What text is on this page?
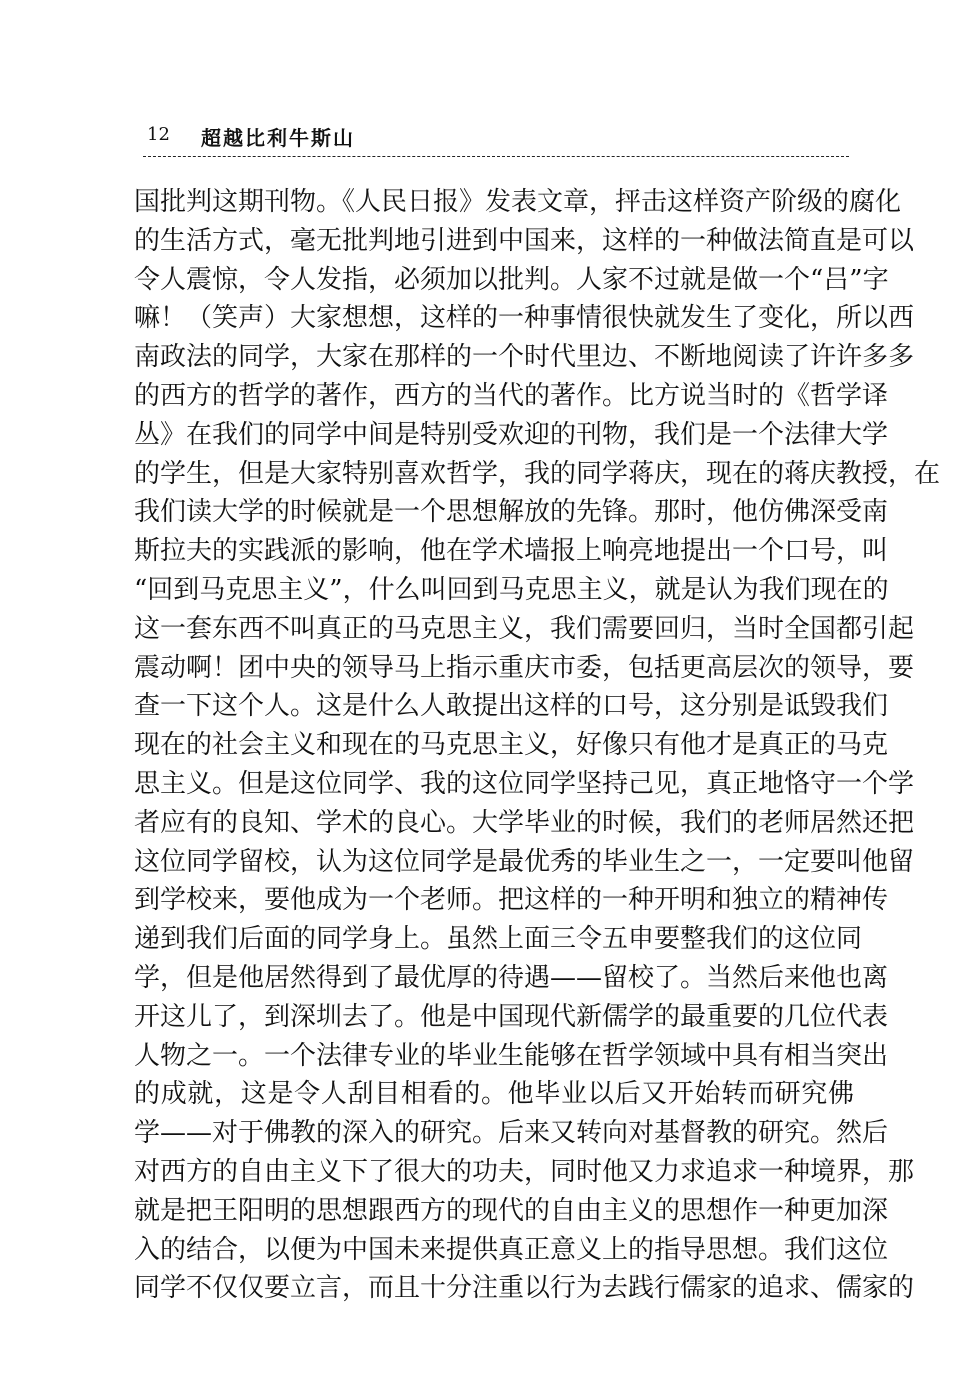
12 超越比利牛斯山
国批判这期刊物。《人民日报》发表文章，抨击这样资产阶级的腐化
的生活方式，毫无批判地引进到中国来，这样的一种做法简直是可以
令人震惊，令人发指，必须加以批判。人家不过就是做一个“吕”字
嘛！（笑声）大家想想，这样的一种事情很快就发生了变化，所以西
南政法的同学，大家在那样的一个时代里边、不断地阅读了许许多多
的西方的哲学的著作，西方的当代的著作。比方说当时的《哲学译
丛》在我们的同学中间是特别受欢迎的刊物，我们是一个法律大学
的学生，但是大家特别喜欢哲学，我的同学蒋庆，现在的蒋庆教授，在
我们读大学的时候就是一个思想解放的先锋。那时，他仿佛深受南
斯拉夫的实践派的影响，他在学术墙报上响亮地提出一个口号，叫
“回到马克思主义”，什么叫回到马克思主义，就是认为我们现在的
这一套东西不叫真正的马克思主义，我们需要回归，当时全国都引起
震动啊！团中央的领导马上指示重庆市委，包括更高层次的领导，要
查一下这个人。这是什么人敢提出这样的口号，这分别是诋毁我们
现在的社会主义和现在的马克思主义，好像只有他才是真正的马克
思主义。但是这位同学、我的这位同学坚持己见，真正地恪守一个学
者应有的良知、学术的良心。大学毕业的时候，我们的老师居然还把
这位同学留校，认为这位同学是最优秀的毕业生之一，一定要叫他留
到学校来，要他成为一个老师。把这样的一种开明和独立的精神传
递到我们后面的同学身上。虽然上面三令五申要整我们的这位同
学，但是他居然得到了最优厚的待遇——留校了。当然后来他也离
开这儿了，到深圳去了。他是中国现代新儒学的最重要的几位代表
人物之一。一个法律专业的毕业生能够在哲学领域中具有相当突出
的成就，这是令人刮目相看的。他毕业以后又开始转而研究佛
学——对于佛教的深入的研究。后来又转向对基督教的研究。然后
对西方的自由主义下了很大的功夫，同时他又力求追求一种境界，那
就是把王阳明的思想跟西方的现代的自由主义的思想作一种更加深
入的结合，以便为中国未来提供真正意义上的指导思想。我们这位
同学不仅仅要立言，而且十分注重以行为去践行儒家的追求、儒家的
